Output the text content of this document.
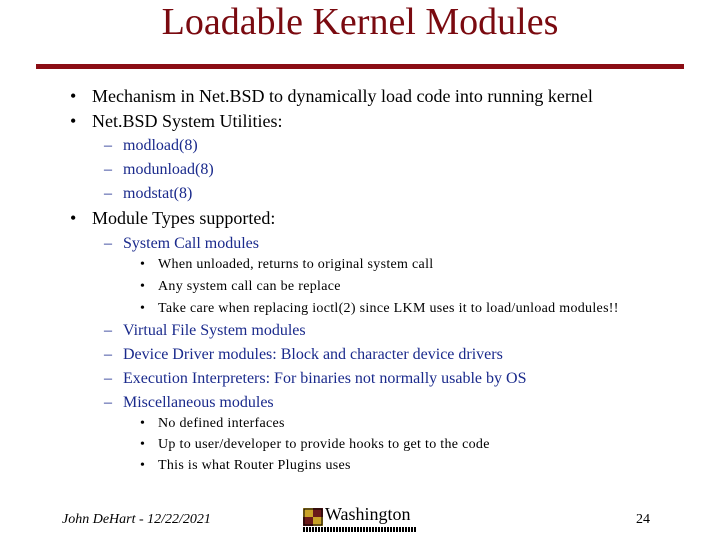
Loadable Kernel Modules
• Mechanism in Net.BSD to dynamically load code into running kernel
• Net.BSD System Utilities:
– modload(8)
– modunload(8)
– modstat(8)
• Module Types supported:
– System Call modules
• When unloaded, returns to original system call
• Any system call can be replace
• Take care when replacing ioctl(2) since LKM uses it to load/unload modules!!
– Virtual File System modules
– Device Driver modules: Block and character device drivers
– Execution Interpreters: For binaries not normally usable by OS
– Miscellaneous modules
• No defined interfaces
• Up to user/developer to provide hooks to get to the code
• This is what Router Plugins uses
John DeHart - 12/22/2021	Washington	24
